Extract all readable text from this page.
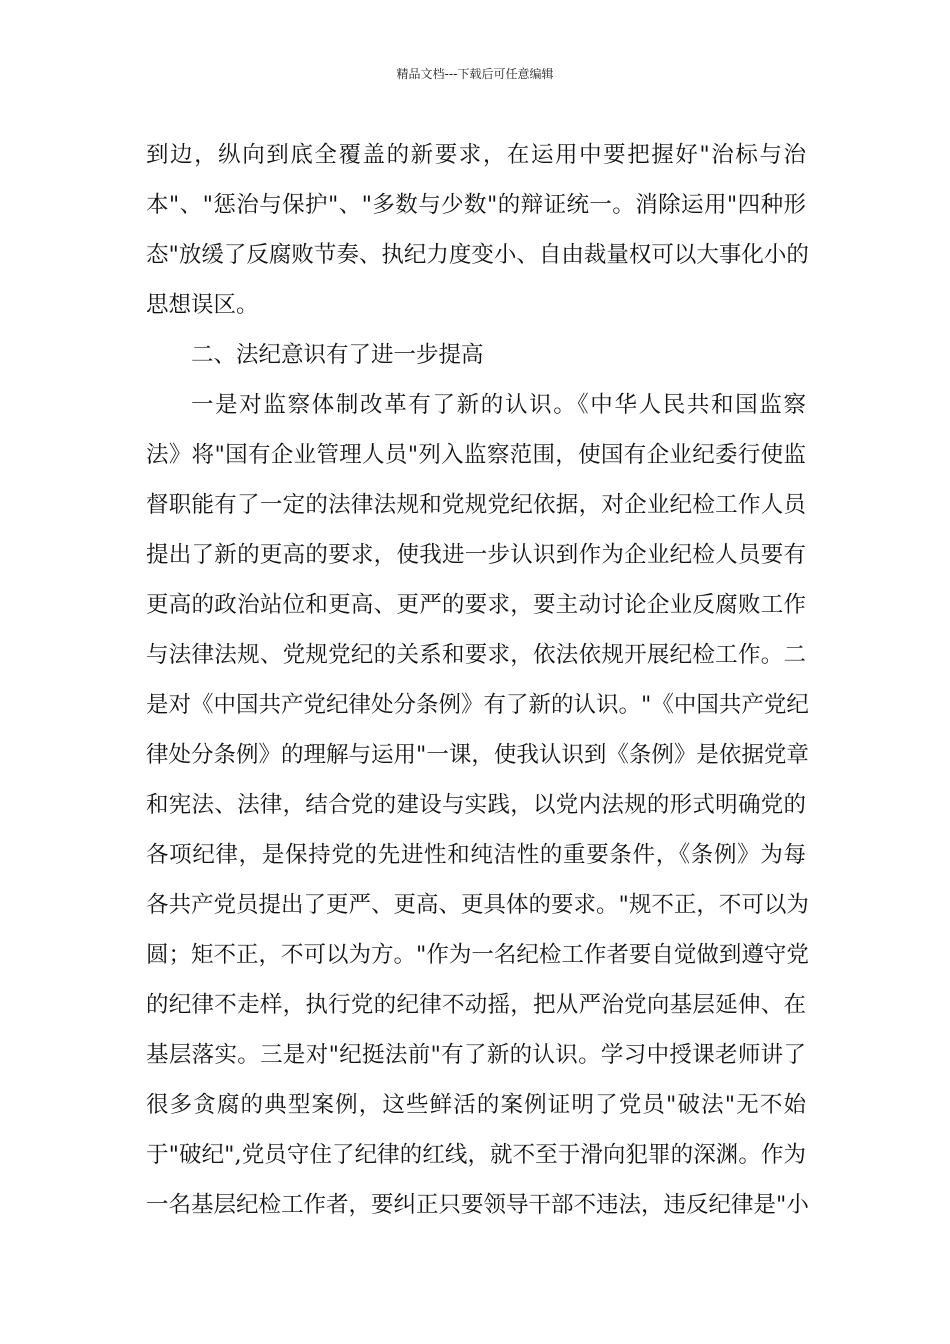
精品文档---下载后可任意编辑
到边，纵向到底全覆盖的新要求，在运用中要把握好"治标与治
本"、"惩治与保护"、"多数与少数"的辩证统一。消除运用"四种形
态"放缓了反腐败节奏、执纪力度变小、自由裁量权可以大事化小的
思想误区。
二、法纪意识有了进一步提高
一是对监察体制改革有了新的认识。《中华人民共和国监察
法》将"国有企业管理人员"列入监察范围，使国有企业纪委行使监
督职能有了一定的法律法规和党规党纪依据，对企业纪检工作人员
提出了新的更高的要求，使我进一步认识到作为企业纪检人员要有
更高的政治站位和更高、更严的要求，要主动讨论企业反腐败工作
与法律法规、党规党纪的关系和要求，依法依规开展纪检工作。二
是对《中国共产党纪律处分条例》有了新的认识。"《中国共产党纪
律处分条例》的理解与运用"一课，使我认识到《条例》是依据党章
和宪法、法律，结合党的建设与实践，以党内法规的形式明确党的
各项纪律，是保持党的先进性和纯洁性的重要条件，《条例》为每
各共产党员提出了更严、更高、更具体的要求。"规不正，不可以为
圆；矩不正，不可以为方。"作为一名纪检工作者要自觉做到遵守党
的纪律不走样，执行党的纪律不动摇，把从严治党向基层延伸、在
基层落实。三是对"纪挺法前"有了新的认识。学习中授课老师讲了
很多贪腐的典型案例，这些鲜活的案例证明了党员"破法"无不始
于"破纪",党员守住了纪律的红线，就不至于滑向犯罪的深渊。作为
一名基层纪检工作者，要纠正只要领导干部不违法，违反纪律是"小
